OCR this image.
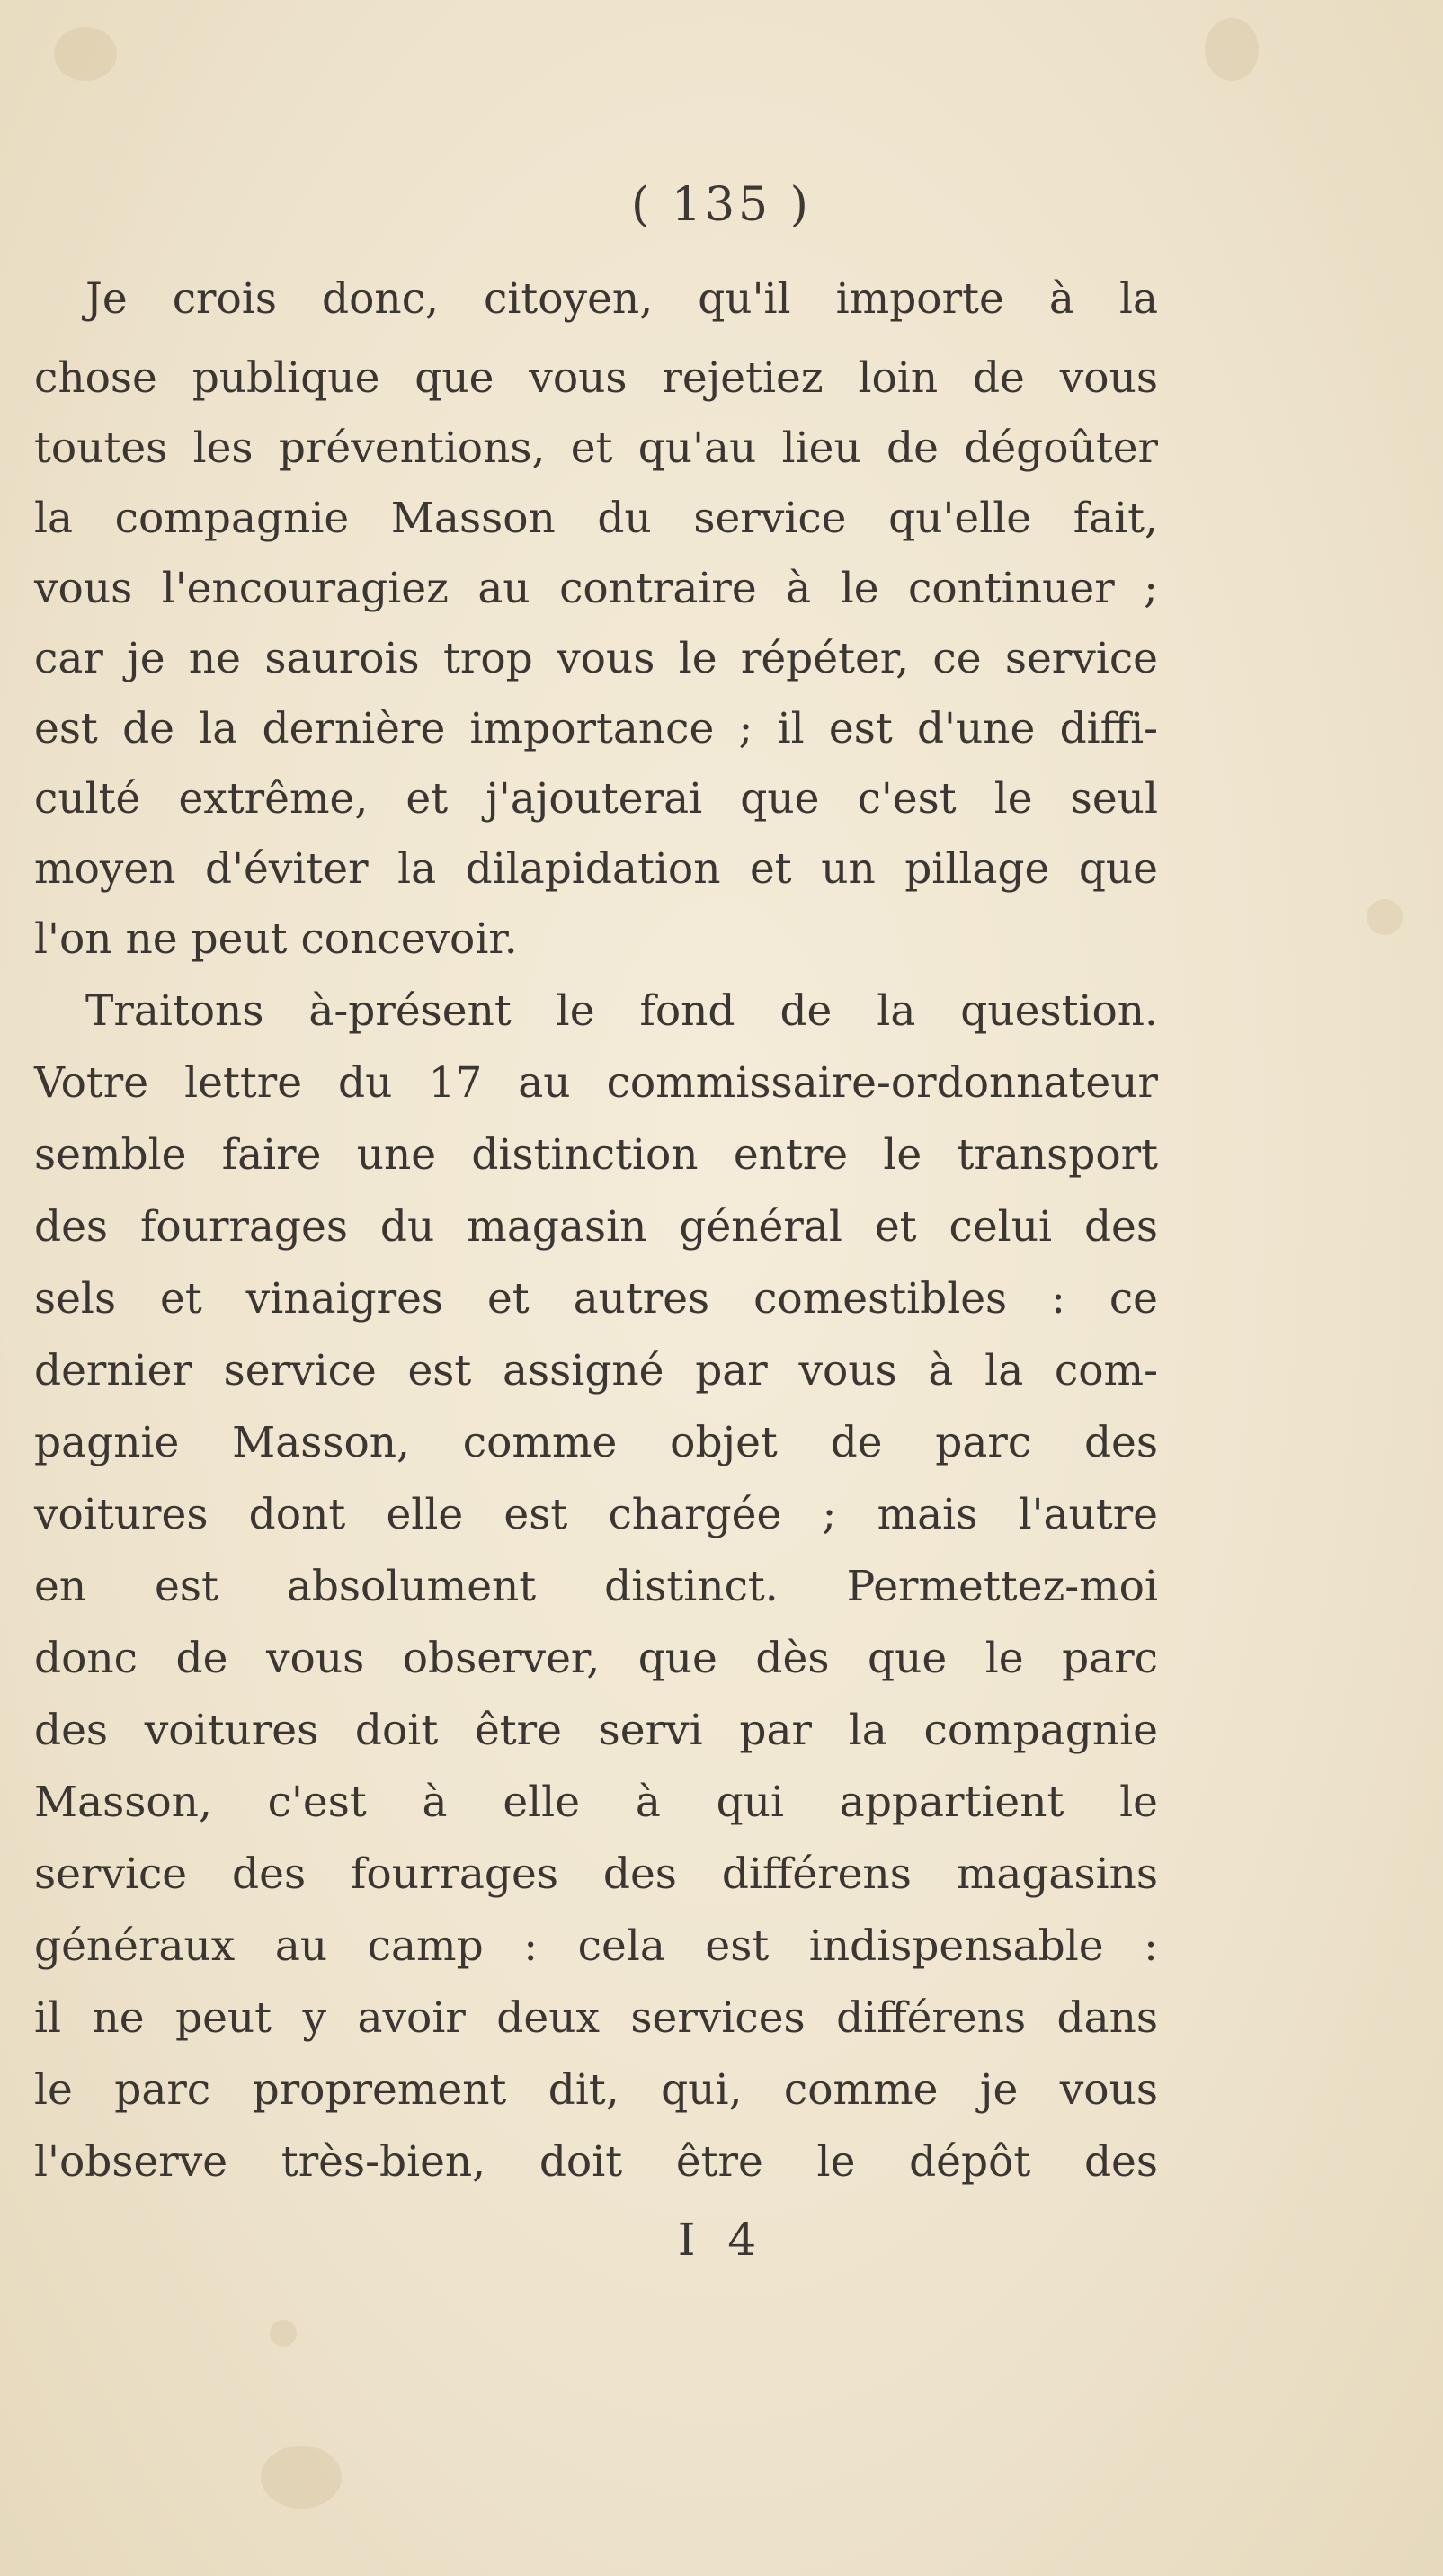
( 135 )
Je crois donc, citoyen, qu'il importe à la
chose publique que vous rejetiez loin de vous
toutes les préventions, et qu'au lieu de dégoûter
la compagnie Masson du service qu'elle fait,
vous l'encouragiez au contraire à le continuer ;
car je ne saurois trop vous le répéter, ce service
est de la dernière importance ; il est d'une diffi-
culté extrême, et j'ajouterai que c'est le seul
moyen d'éviter la dilapidation et un pillage que
l'on ne peut concevoir.
Traitons à-présent le fond de la question.
Votre lettre du 17 au commissaire-ordonnateur
semble faire une distinction entre le transport
des fourrages du magasin général et celui des
sels et vinaigres et autres comestibles : ce
dernier service est assigné par vous à la com-
pagnie Masson, comme objet de parc des
voitures dont elle est chargée ; mais l'autre
en est absolument distinct. Permettez-moi
donc de vous observer, que dès que le parc
des voitures doit être servi par la compagnie
Masson, c'est à elle à qui appartient le
service des fourrages des différens magasins
généraux au camp : cela est indispensable :
il ne peut y avoir deux services différens dans
le parc proprement dit, qui, comme je vous
l'observe très-bien, doit être le dépôt des
I 4
